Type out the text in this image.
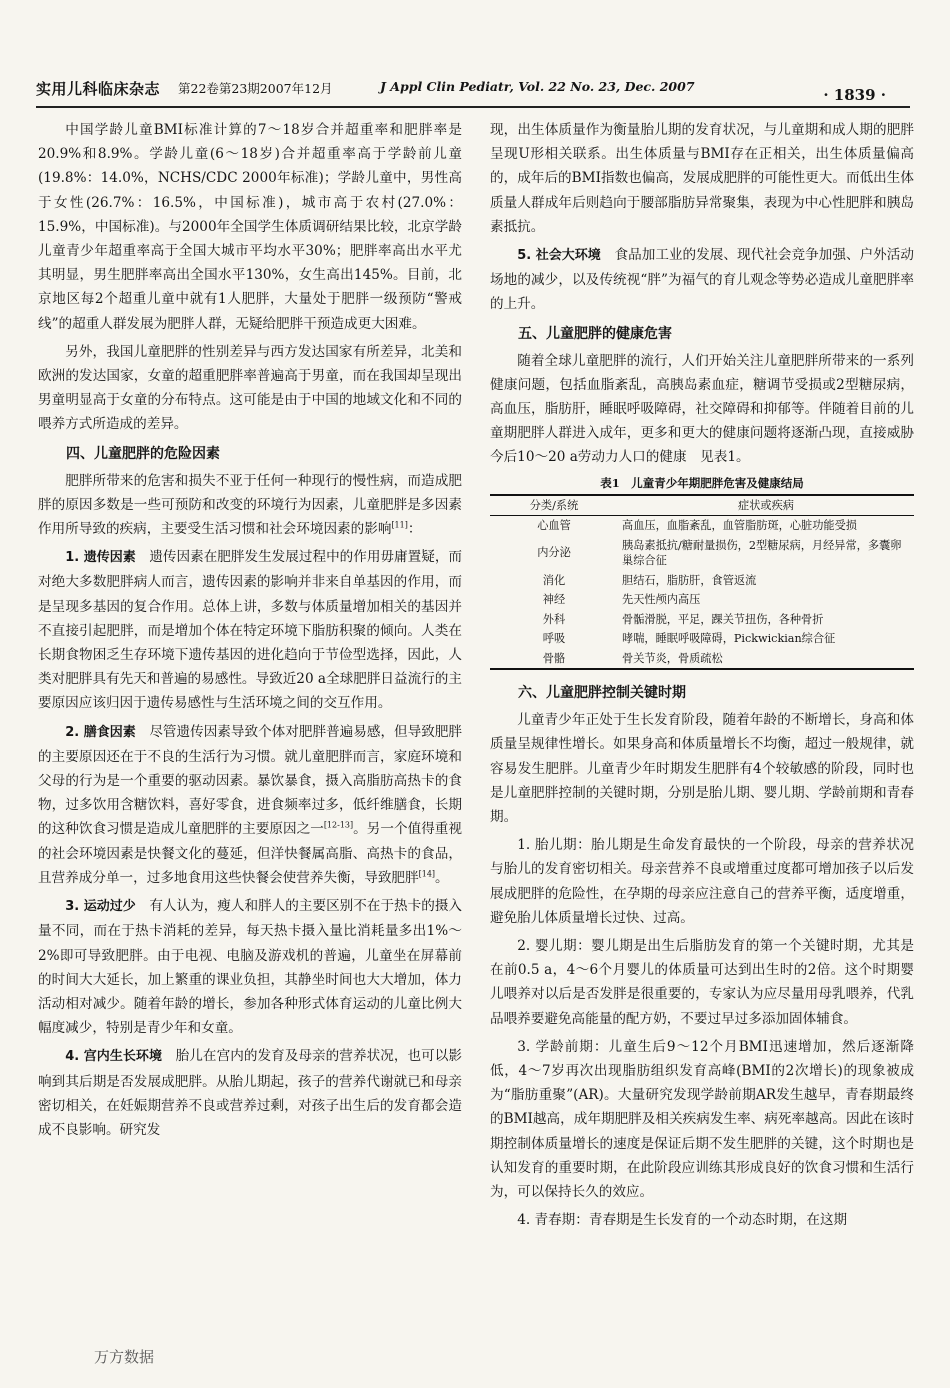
实用儿科临床杂志 第22卷第23期2007年12月	J Appl Clin Pediatr, Vol. 22 No. 23, Dec. 2007	· 1839 ·

中国学龄儿童BMI标准计算的7～18岁合并超重率和肥胖率是20.9%和8.9%。学龄儿童(6～18岁)合并超重率高于学龄前儿童(19.8%：14.0%，NCHS/CDC 2000年标准)；学龄儿童中，男性高于女性(26.7%：16.5%，中国标准)，城市高于农村(27.0%：15.9%，中国标准)。与2000年全国学生体质调研结果比较，北京学龄儿童青少年超重率高于全国大城市平均水平30%；肥胖率高出水平尤其明显，男生肥胖率高出全国水平130%，女生高出145%。目前，北京地区每2个超重儿童中就有1人肥胖，大量处于肥胖一级预防“警戒线”的超重人群发展为肥胖人群，无疑给肥胖干预造成更大困难。

另外，我国儿童肥胖的性别差异与西方发达国家有所差异，北美和欧洲的发达国家，女童的超重肥胖率普遍高于男童，而在我国却呈现出男童明显高于女童的分布特点。这可能是由于中国的地域文化和不同的喂养方式所造成的差异。

四、儿童肥胖的危险因素

肥胖所带来的危害和损失不亚于任何一种现行的慢性病，而造成肥胖的原因多数是一些可预防和改变的环境行为因素，儿童肥胖是多因素作用所导致的疾病，主要受生活习惯和社会环境因素的影响[11]：

1. 遗传因素　 遗传因素在肥胖发生发展过程中的作用毋庸置疑，而对绝大多数肥胖病人而言，遗传因素的影响并非来自单基因的作用，而是呈现多基因的复合作用。总体上讲，多数与体质量增加相关的基因并不直接引起肥胖，而是增加个体在特定环境下脂肪积聚的倾向。人类在长期食物困乏生存环境下遗传基因的进化趋向于节俭型选择，因此，人类对肥胖具有先天和普遍的易感性。导致近20 a全球肥胖日益流行的主要原因应该归因于遗传易感性与生活环境之间的交互作用。

2. 膳食因素　 尽管遗传因素导致个体对肥胖普遍易感，但导致肥胖的主要原因还在于不良的生活行为习惯。就儿童肥胖而言，家庭环境和父母的行为是一个重要的驱动因素。暴饮暴食，摄入高脂肪高热卡的食物，过多饮用含糖饮料，喜好零食，进食频率过多，低纤维膳食，长期的这种饮食习惯是造成儿童肥胖的主要原因之一[12-13]。另一个值得重视的社会环境因素是快餐文化的蔓延，但洋快餐属高脂、高热卡的食品，且营养成分单一，过多地食用这些快餐会使营养失衡，导致肥胖[14]。

3. 运动过少　 有人认为，瘦人和胖人的主要区别不在于热卡的摄入量不同，而在于热卡消耗的差异，每天热卡摄入量比消耗量多出1%～2%即可导致肥胖。由于电视、电脑及游戏机的普遍，儿童坐在屏幕前的时间大大延长，加上繁重的课业负担，其静坐时间也大大增加，体力活动相对减少。随着年龄的增长，参加各种形式体育运动的儿童比例大幅度减少，特别是青少年和女童。

4. 宫内生长环境　 胎儿在宫内的发育及母亲的营养状况，也可以影响到其后期是否发展成肥胖。从胎儿期起，孩子的营养代谢就已和母亲密切相关，在妊娠期营养不良或营养过剩，对孩子出生后的发育都会造成不良影响。研究发

现，出生体质量作为衡量胎儿期的发育状况，与儿童期和成人期的肥胖呈现U形相关联系。出生体质量与BMI存在正相关，出生体质量偏高的，成年后的BMI指数也偏高，发展成肥胖的可能性更大。而低出生体质量人群成年后则趋向于腰部脂肪异常聚集，表现为中心性肥胖和胰岛素抵抗。

5. 社会大环境　 食品加工业的发展、现代社会竞争加强、户外活动场地的减少，以及传统视“胖”为福气的育儿观念等势必造成儿童肥胖率的上升。

五、儿童肥胖的健康危害

随着全球儿童肥胖的流行，人们开始关注儿童肥胖所带来的一系列健康问题，包括血脂紊乱，高胰岛素血症，糖调节受损或2型糖尿病，高血压，脂肪肝，睡眠呼吸障碍，社交障碍和抑郁等。伴随着目前的儿童期肥胖人群进入成年，更多和更大的健康问题将逐渐凸现，直接威胁今后10～20 a劳动力人口的健康　见表1。

表1　儿童青少年期肥胖危害及健康结局
分类/系统	症状或疾病
心血管	高血压，血脂紊乱，血管脂肪斑，心脏功能受损
内分泌	胰岛素抵抗/糖耐量损伤，2型糖尿病，月经异常，多囊卵巢综合征
消化	胆结石，脂肪肝，食管返流
神经	先天性颅内高压
外科	骨骺滑脱，平足，踝关节扭伤，各种骨折
呼吸	哮喘，睡眠呼吸障碍，Pickwickian综合征
骨骼	骨关节炎，骨质疏松
六、儿童肥胖控制关键时期

儿童青少年正处于生长发育阶段，随着年龄的不断增长，身高和体质量呈规律性增长。如果身高和体质量增长不均衡，超过一般规律，就容易发生肥胖。儿童青少年时期发生肥胖有4个较敏感的阶段，同时也是儿童肥胖控制的关键时期，分别是胎儿期、婴儿期、学龄前期和青春期。

1. 胎儿期：胎儿期是生命发育最快的一个阶段，母亲的营养状况与胎儿的发育密切相关。母亲营养不良或增重过度都可增加孩子以后发展成肥胖的危险性，在孕期的母亲应注意自己的营养平衡，适度增重，避免胎儿体质量增长过快、过高。

2. 婴儿期：婴儿期是出生后脂肪发育的第一个关键时期，尤其是在前0.5 a，4～6个月婴儿的体质量可达到出生时的2倍。这个时期婴儿喂养对以后是否发胖是很重要的，专家认为应尽量用母乳喂养，代乳品喂养要避免高能量的配方奶，不要过早过多添加固体辅食。

3. 学龄前期：儿童生后9～12个月BMI迅速增加，然后逐渐降低，4～7岁再次出现脂肪组织发育高峰(BMI的2次增长)的现象被成为“脂肪重聚”(AR)。大量研究发现学龄前期AR发生越早，青春期最终的BMI越高，成年期肥胖及相关疾病发生率、病死率越高。因此在该时期控制体质量增长的速度是保证后期不发生肥胖的关键，这个时期也是认知发育的重要时期，在此阶段应训练其形成良好的饮食习惯和生活行为，可以保持长久的效应。

4. 青春期：青春期是生长发育的一个动态时期，在这期

万方数据
